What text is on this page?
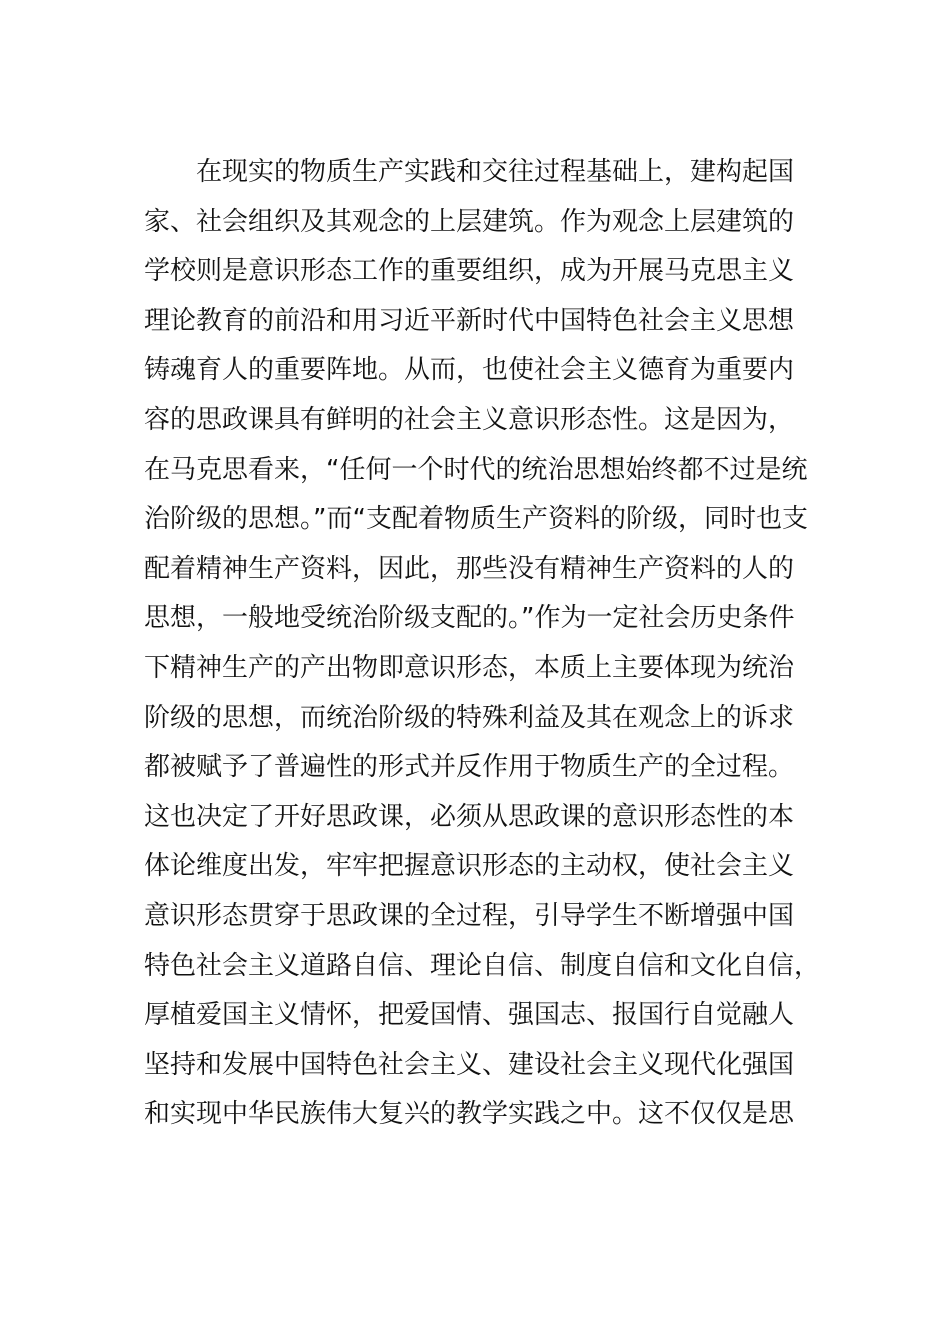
在现实的物质生产实践和交往过程基础上，建构起国
家、社会组织及其观念的上层建筑。作为观念上层建筑的
学校则是意识形态工作的重要组织，成为开展马克思主义
理论教育的前沿和用习近平新时代中国特色社会主义思想
铸魂育人的重要阵地。从而，也使社会主义德育为重要内
容的思政课具有鲜明的社会主义意识形态性。这是因为，
在马克思看来，“任何一个时代的统治思想始终都不过是统
治阶级的思想。”而“支配着物质生产资料的阶级，同时也支
配着精神生产资料，因此，那些没有精神生产资料的人的
思想，一般地受统治阶级支配的。”作为一定社会历史条件
下精神生产的产出物即意识形态，本质上主要体现为统治
阶级的思想，而统治阶级的特殊利益及其在观念上的诉求
都被赋予了普遍性的形式并反作用于物质生产的全过程。
这也决定了开好思政课，必须从思政课的意识形态性的本
体论维度出发，牢牢把握意识形态的主动权，使社会主义
意识形态贯穿于思政课的全过程，引导学生不断增强中国
特色社会主义道路自信、理论自信、制度自信和文化自信，
厚植爱国主义情怀，把爱国情、强国志、报国行自觉融人
坚持和发展中国特色社会主义、建设社会主义现代化强国
和实现中华民族伟大复兴的教学实践之中。这不仅仅是思
